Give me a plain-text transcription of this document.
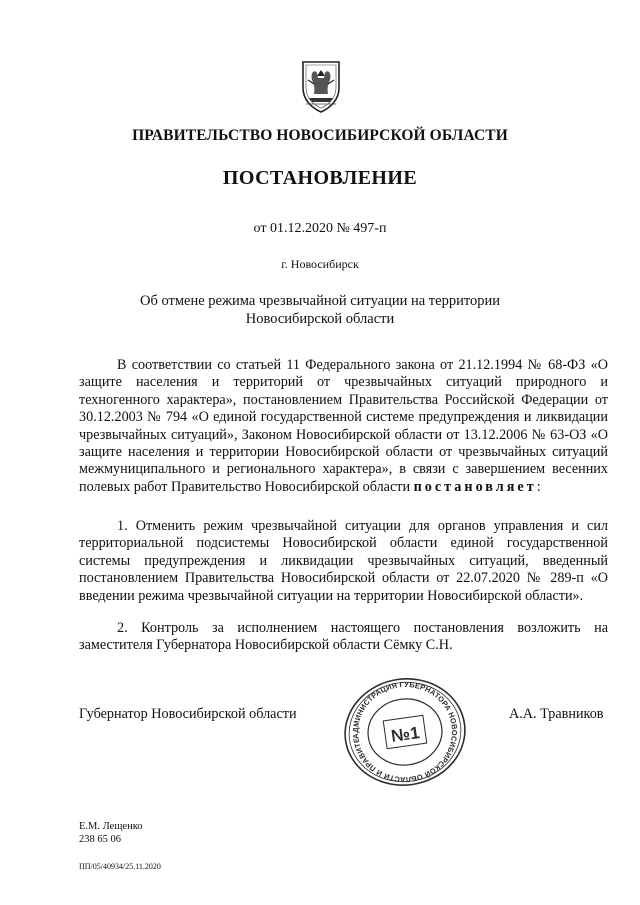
ПРАВИТЕЛЬСТВО НОВОСИБИРСКОЙ ОБЛАСТИ
ПОСТАНОВЛЕНИЕ
от 01.12.2020 № 497-п
г. Новосибирск
Об отмене режима чрезвычайной ситуации на территории
Новосибирской области
В соответствии со статьей 11 Федерального закона от 21.12.1994 № 68-ФЗ «О защите населения и территорий от чрезвычайных ситуаций природного и техногенного характера», постановлением Правительства Российской Федерации от 30.12.2003 № 794 «О единой государственной системе предупреждения и ликвидации чрезвычайных ситуаций», Законом Новосибирской области от 13.12.2006 № 63-ОЗ «О защите населения и территории Новосибирской области от чрезвычайных ситуаций межмуниципального и регионального характера», в связи с завершением весенних полевых работ Правительство Новосибирской области постановляет:
1. Отменить режим чрезвычайной ситуации для органов управления и сил территориальной подсистемы Новосибирской области единой государственной системы предупреждения и ликвидации чрезвычайных ситуаций, введенный постановлением Правительства Новосибирской области от 22.07.2020 № 289-п «О введении режима чрезвычайной ситуации на территории Новосибирской области».
2. Контроль за исполнением настоящего постановления возложить на заместителя Губернатора Новосибирской области Сёмку С.Н.
Губернатор Новосибирской области	А.А. Травников
АДМИНИСТРАЦИЯ ГУБЕРНАТОРА НОВОСИБИРСКОЙ ОБЛАСТИ И ПРАВИТЕЛЬСТВА
№1
Е.М. Лещенко
238 65 06
ПП/05/40934/25.11.2020
